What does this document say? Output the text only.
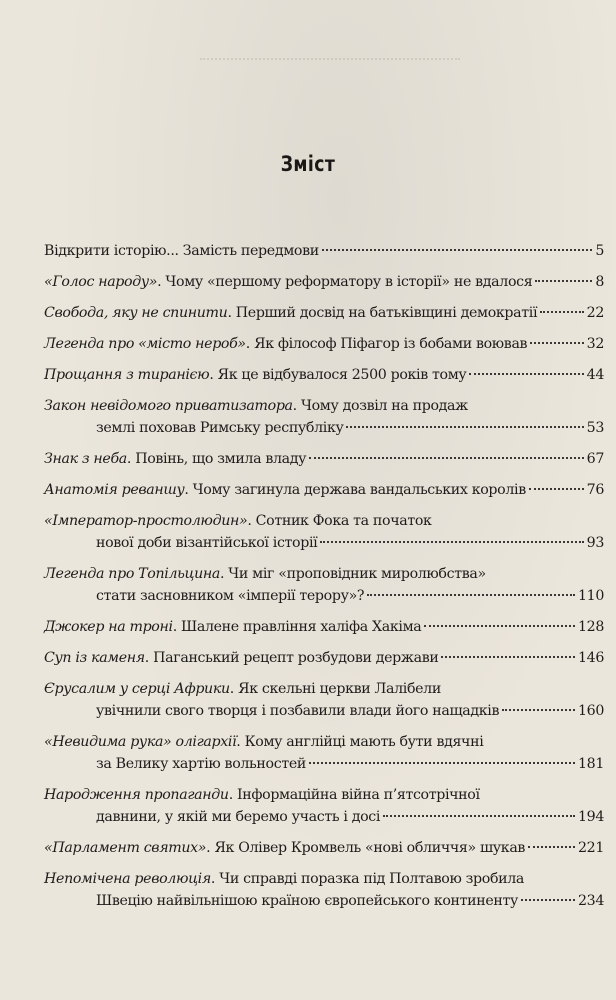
Зміст
Відкрити історію... Замість передмови	5
«Голос народу». Чому «першому реформатору в історії» не вдалося	8
Свобода, яку не спинити. Перший досвід на батьківщині демократії	22
Легенда про «місто нероб». Як філософ Піфагор із бобами воював	32
Прощання з тиранією. Як це відбувалося 2500 років тому	44
Закон невідомого приватизатора. Чому дозвіл на продаж
землі поховав Римську республіку	53
Знак з неба. Повінь, що змила владу	67
Анатомія реваншу. Чому загинула держава вандальських королів	76
«Імператор-простолюдин». Сотник Фока та початок
нової доби візантійської історії	93
Легенда про Топільцина. Чи міг «проповідник миролюбства»
стати засновником «імперії терору»?	110
Джокер на троні. Шалене правління халіфа Хакіма	128
Суп із каменя. Паганський рецепт розбудови держави	146
Єрусалим у серці Африки. Як скельні церкви Лалібели
увічнили свого творця і позбавили влади його нащадків	160
«Невидима рука» олігархії. Кому англійці мають бути вдячні
за Велику хартію вольностей	181
Народження пропаганди. Інформаційна війна п’ятсотрічної
давнини, у якій ми беремо участь і досі	194
«Парламент святих». Як Олівер Кромвель «нові обличчя» шукав	221
Непомічена революція. Чи справді поразка під Полтавою зробила
Швецію найвільнішою країною європейського континенту	234
